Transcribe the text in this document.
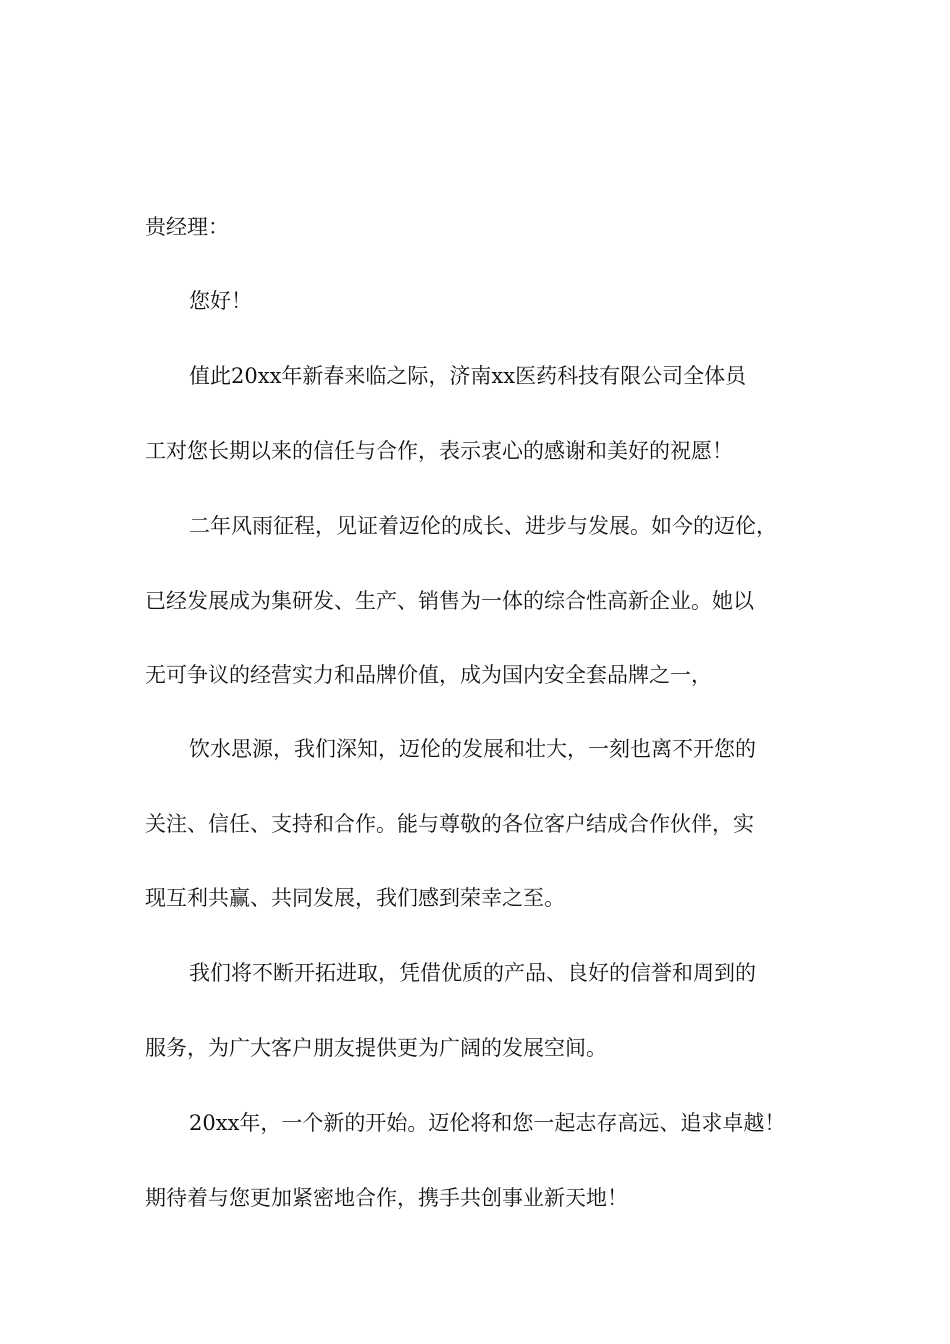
贵经理：
您好！
值此20xx年新春来临之际，济南xx医药科技有限公司全体员
工对您长期以来的信任与合作，表示衷心的感谢和美好的祝愿！
二年风雨征程，见证着迈伦的成长、进步与发展。如今的迈伦，
已经发展成为集研发、生产、销售为一体的综合性高新企业。她以
无可争议的经营实力和品牌价值，成为国内安全套品牌之一，
饮水思源，我们深知，迈伦的发展和壮大，一刻也离不开您的
关注、信任、支持和合作。能与尊敬的各位客户结成合作伙伴，实
现互利共赢、共同发展，我们感到荣幸之至。
我们将不断开拓进取，凭借优质的产品、良好的信誉和周到的
服务，为广大客户朋友提供更为广阔的发展空间。
20xx年，一个新的开始。迈伦将和您一起志存高远、追求卓越！
期待着与您更加紧密地合作，携手共创事业新天地！
